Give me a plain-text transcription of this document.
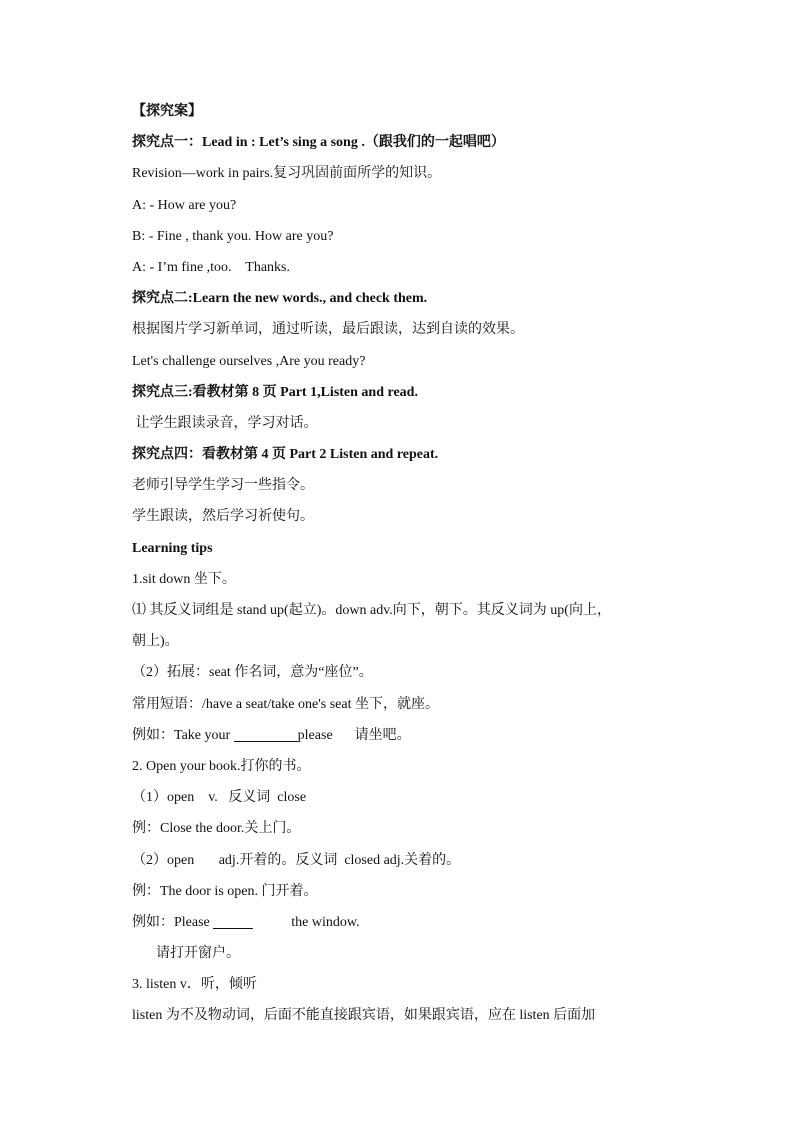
【探究案】
探究点一：Lead in : Let’s sing a song .（跟我们的一起唱吧）
Revision—work in pairs.复习巩固前面所学的知识。
A: - How are you?
B: - Fine , thank you. How are you?
A: - I’m fine ,too.    Thanks.
探究点二:Learn the new words., and check them.
根据图片学习新单词，通过听读，最后跟读，达到自读的效果。
Let's challenge ourselves ,Are you ready?
探究点三:看教材第 8 页 Part 1,Listen and read.
让学生跟读录音，学习对话。
探究点四：看教材第 4 页 Part 2 Listen and repeat.
老师引导学生学习一些指令。
学生跟读，然后学习祈使句。
Learning tips
1.sit down 坐下。
⑴ 其反义词组是 stand up(起立)。down adv.向下，朝下。其反义词为 up(向上，
朝上)。
（2）拓展：seat 作名词，意为“座位”。
常用短语：/have a seat/take one's seat 坐下，就座。
例如：Take your	please 请坐吧。
2. Open your book.打你的书。
（1）open    v.   反义词  close
例：Close the door.关上门。
（2）open       adj.开着的。反义词  closed adj.关着的。
例：The door is open. 门开着。
例如：Please	the window.
请打开窗户。
3. listen v．听，倾听
listen 为不及物动词，后面不能直接跟宾语，如果跟宾语，应在 listen 后面加
